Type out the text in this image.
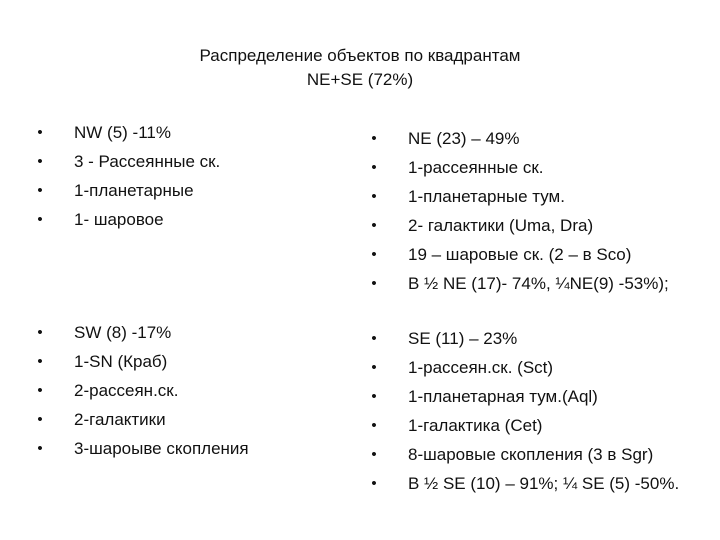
Распределение объектов по квадрантам
NE+SE (72%)
• NW (5) -11%
• 3 - Рассеянные ск.
• 1-планетарные
• 1- шаровое
• NE (23) – 49%
• 1-рассеянные ск.
• 1-планетарные тум.
• 2- галактики (Uma, Dra)
• 19 – шаровые ск. (2 – в Sco)
• В ½ NE (17)- 74%, ¼NE(9) -53%);
• SW (8) -17%
• 1-SN (Краб)
• 2-рассеян.ск.
• 2-галактики
• 3-шароыве скопления
• SE (11) – 23%
• 1-рассеян.ск. (Sct)
• 1-планетарная тум.(Aql)
• 1-галактика (Cet)
• 8-шаровые скопления (3 в Sgr)
• В ½ SE (10) – 91%; ¼ SE (5) -50%.
